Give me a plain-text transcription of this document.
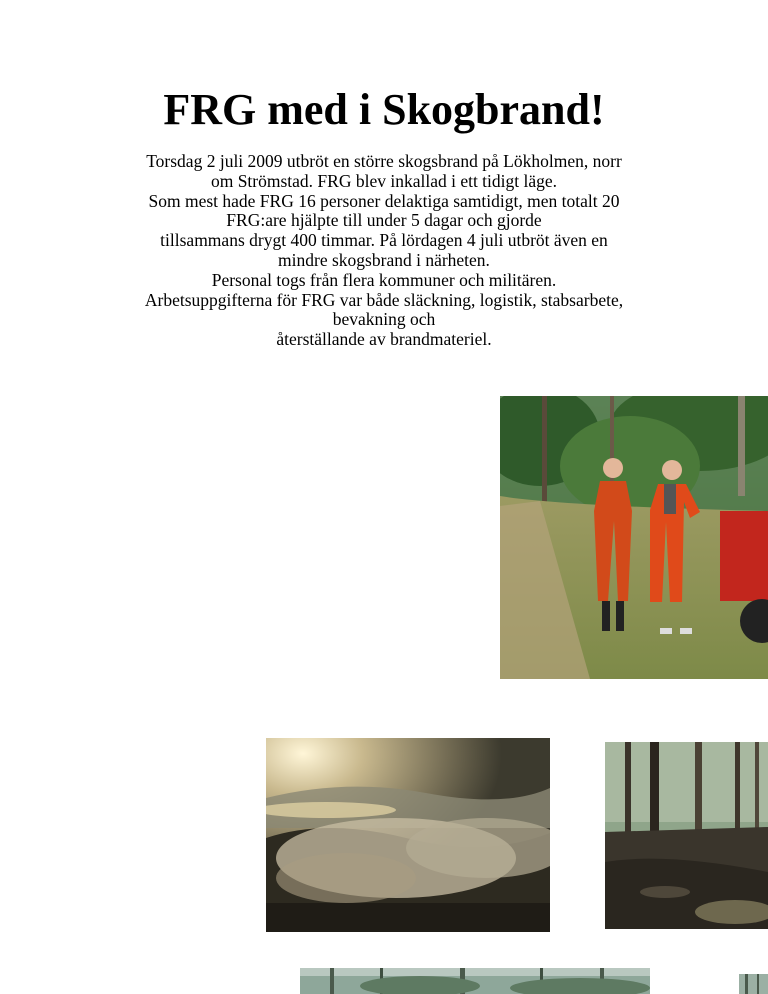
FRG med i Skogbrand!
Torsdag 2 juli 2009 utbröt en större skogsbrand på Lökholmen, norr
om Strömstad. FRG blev inkallad i ett tidigt läge.
Som mest hade FRG 16 personer delaktiga samtidigt, men totalt 20
FRG:are hjälpte till under 5 dagar och gjorde
tillsammans drygt 400 timmar. På lördagen 4 juli utbröt även en
mindre skogsbrand i närheten.
Personal togs från flera kommuner och militären.
Arbetsuppgifterna för FRG var både släckning, logistik, stabsarbete,
bevakning och
återställande av brandmateriel.
